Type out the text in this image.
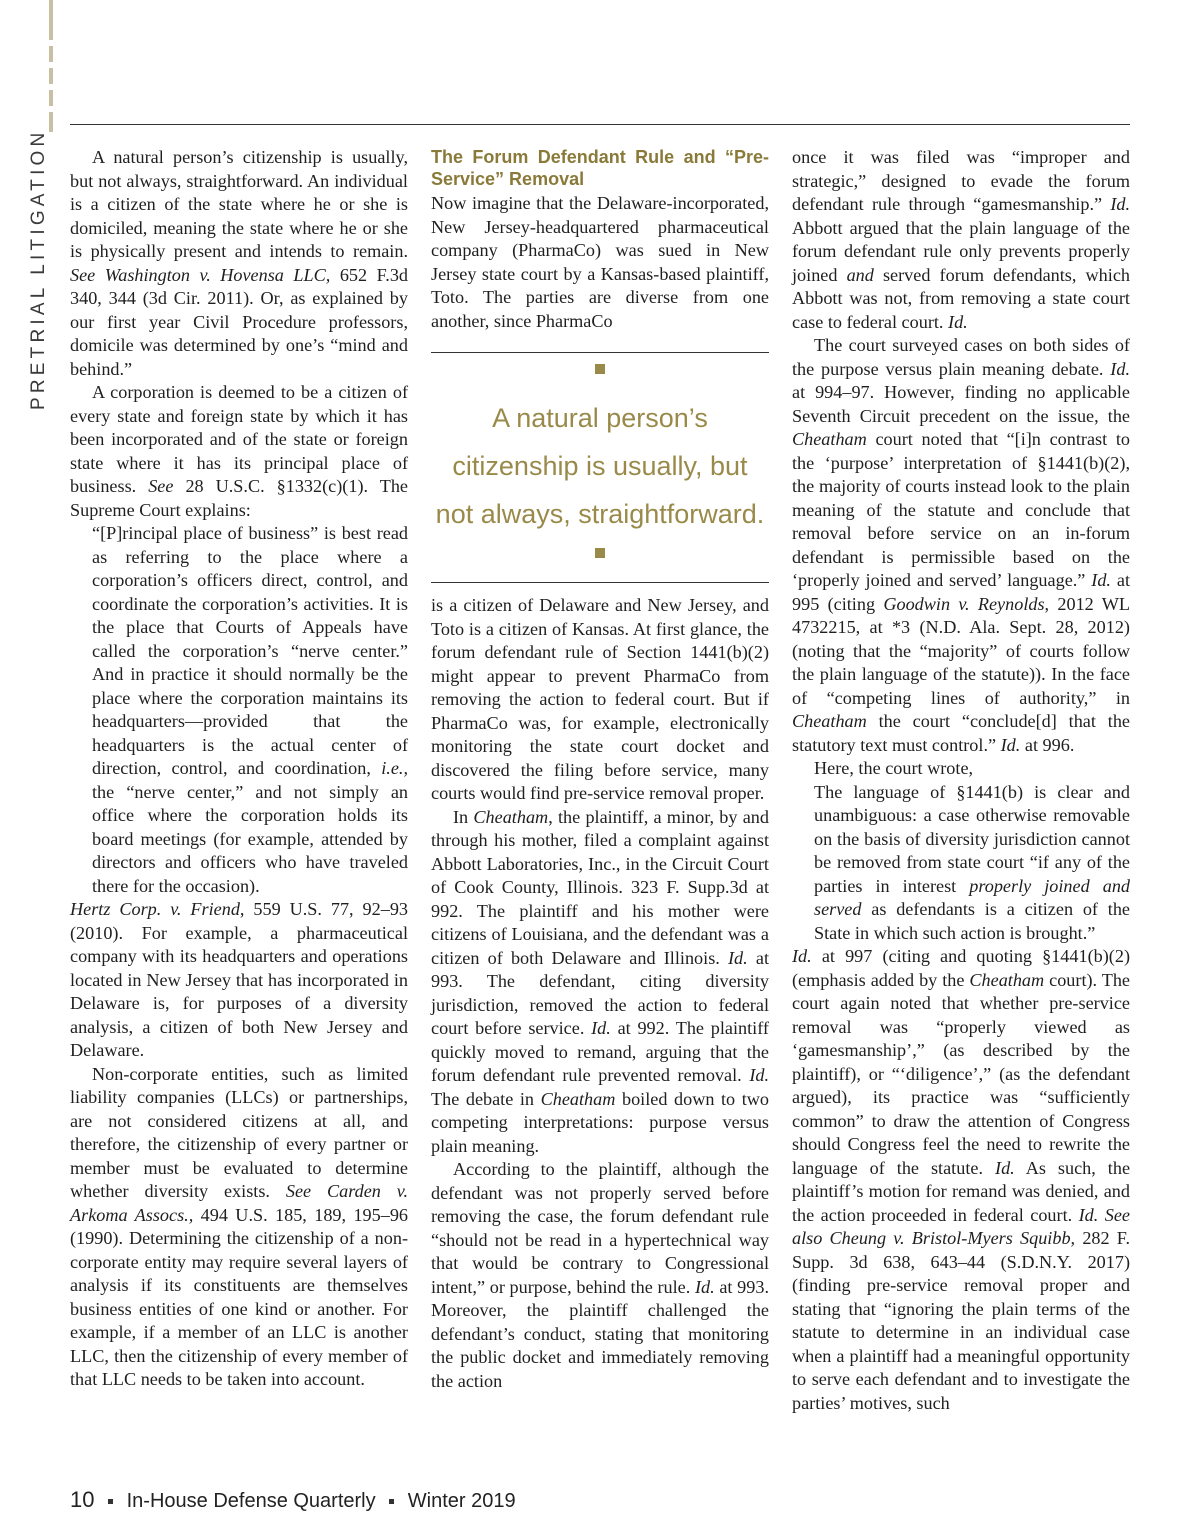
PRETRIAL LITIGATION	A natural person’s citizenship is usually, but not always, straightforward. An individual is a citizen of the state where he or she is domiciled, meaning the state where he or she is physically present and intends to remain. See Washington v. Hovensa LLC, 652 F.3d 340, 344 (3d Cir. 2011). Or, as explained by our first year Civil Procedure professors, domicile was determined by one’s “mind and behind.”

A corporation is deemed to be a citizen of every state and foreign state by which it has been incorporated and of the state or foreign state where it has its principal place of business. See 28 U.S.C. §1332(c)(1). The Supreme Court explains:

“[P]rincipal place of business” is best read as referring to the place where a corporation’s officers direct, control, and coordinate the corporation’s activities. It is the place that Courts of Appeals have called the corporation’s “nerve center.” And in practice it should normally be the place where the corporation maintains its headquarters—provided that the headquarters is the actual center of direction, control, and coordination, i.e., the “nerve center,” and not simply an office where the corporation holds its board meetings (for example, attended by directors and officers who have traveled there for the occasion).

Hertz Corp. v. Friend, 559 U.S. 77, 92–93 (2010). For example, a pharmaceutical company with its headquarters and operations located in New Jersey that has incorporated in Delaware is, for purposes of a diversity analysis, a citizen of both New Jersey and Delaware.

Non-corporate entities, such as limited liability companies (LLCs) or partnerships, are not considered citizens at all, and therefore, the citizenship of every partner or member must be evaluated to determine whether diversity exists. See Carden v. Arkoma Assocs., 494 U.S. 185, 189, 195–96 (1990). Determining the citizenship of a non-corporate entity may require several layers of analysis if its constituents are themselves business entities of one kind or another. For example, if a member of an LLC is another LLC, then the citizenship of every member of that LLC needs to be taken into account.

The Forum Defendant Rule and “Pre-Service” Removal

Now imagine that the Delaware-incorporated, New Jersey-headquartered pharmaceutical company (PharmaCo) was sued in New Jersey state court by a Kansas-based plaintiff, Toto. The parties are diverse from one another, since PharmaCo

A natural person’s citizenship is usually, but not always, straightforward.

is a citizen of Delaware and New Jersey, and Toto is a citizen of Kansas. At first glance, the forum defendant rule of Section 1441(b)(2) might appear to prevent PharmaCo from removing the action to federal court. But if PharmaCo was, for example, electronically monitoring the state court docket and discovered the filing before service, many courts would find pre-service removal proper.

In Cheatham, the plaintiff, a minor, by and through his mother, filed a complaint against Abbott Laboratories, Inc., in the Circuit Court of Cook County, Illinois. 323 F. Supp.3d at 992. The plaintiff and his mother were citizens of Louisiana, and the defendant was a citizen of both Delaware and Illinois. Id. at 993. The defendant, citing diversity jurisdiction, removed the action to federal court before service. Id. at 992. The plaintiff quickly moved to remand, arguing that the forum defendant rule prevented removal. Id. The debate in Cheatham boiled down to two competing interpretations: purpose versus plain meaning.

According to the plaintiff, although the defendant was not properly served before removing the case, the forum defendant rule “should not be read in a hypertechnical way that would be contrary to Congressional intent,” or purpose, behind the rule. Id. at 993. Moreover, the plaintiff challenged the defendant’s conduct, stating that monitoring the public docket and immediately removing the action

once it was filed was “improper and strategic,” designed to evade the forum defendant rule through “gamesmanship.” Id. Abbott argued that the plain language of the forum defendant rule only prevents properly joined and served forum defendants, which Abbott was not, from removing a state court case to federal court. Id.

The court surveyed cases on both sides of the purpose versus plain meaning debate. Id. at 994–97. However, finding no applicable Seventh Circuit precedent on the issue, the Cheatham court noted that “[i]n contrast to the ‘purpose’ interpretation of §1441(b)(2), the majority of courts instead look to the plain meaning of the statute and conclude that removal before service on an in-forum defendant is permissible based on the ‘properly joined and served’ language.” Id. at 995 (citing Goodwin v. Reynolds, 2012 WL 4732215, at *3 (N.D. Ala. Sept. 28, 2012) (noting that the “majority” of courts follow the plain language of the statute)). In the face of “competing lines of authority,” in Cheatham the court “conclude[d] that the statutory text must control.” Id. at 996.

Here, the court wrote,

The language of §1441(b) is clear and unambiguous: a case otherwise removable on the basis of diversity jurisdiction cannot be removed from state court “if any of the parties in interest properly joined and served as defendants is a citizen of the State in which such action is brought.”

Id. at 997 (citing and quoting §1441(b)(2) (emphasis added by the Cheatham court). The court again noted that whether pre-service removal was “properly viewed as ‘gamesmanship’,” (as described by the plaintiff), or “‘diligence’,” (as the defendant argued), its practice was “sufficiently common” to draw the attention of Congress should Congress feel the need to rewrite the language of the statute. Id. As such, the plaintiff’s motion for remand was denied, and the action proceeded in federal court. Id. See also Cheung v. Bristol-Myers Squibb, 282 F. Supp. 3d 638, 643–44 (S.D.N.Y. 2017) (finding pre-service removal proper and stating that “ignoring the plain terms of the statute to determine in an individual case when a plaintiff had a meaningful opportunity to serve each defendant and to investigate the parties’ motives, such

10 In-House Defense Quarterly Winter 2019
